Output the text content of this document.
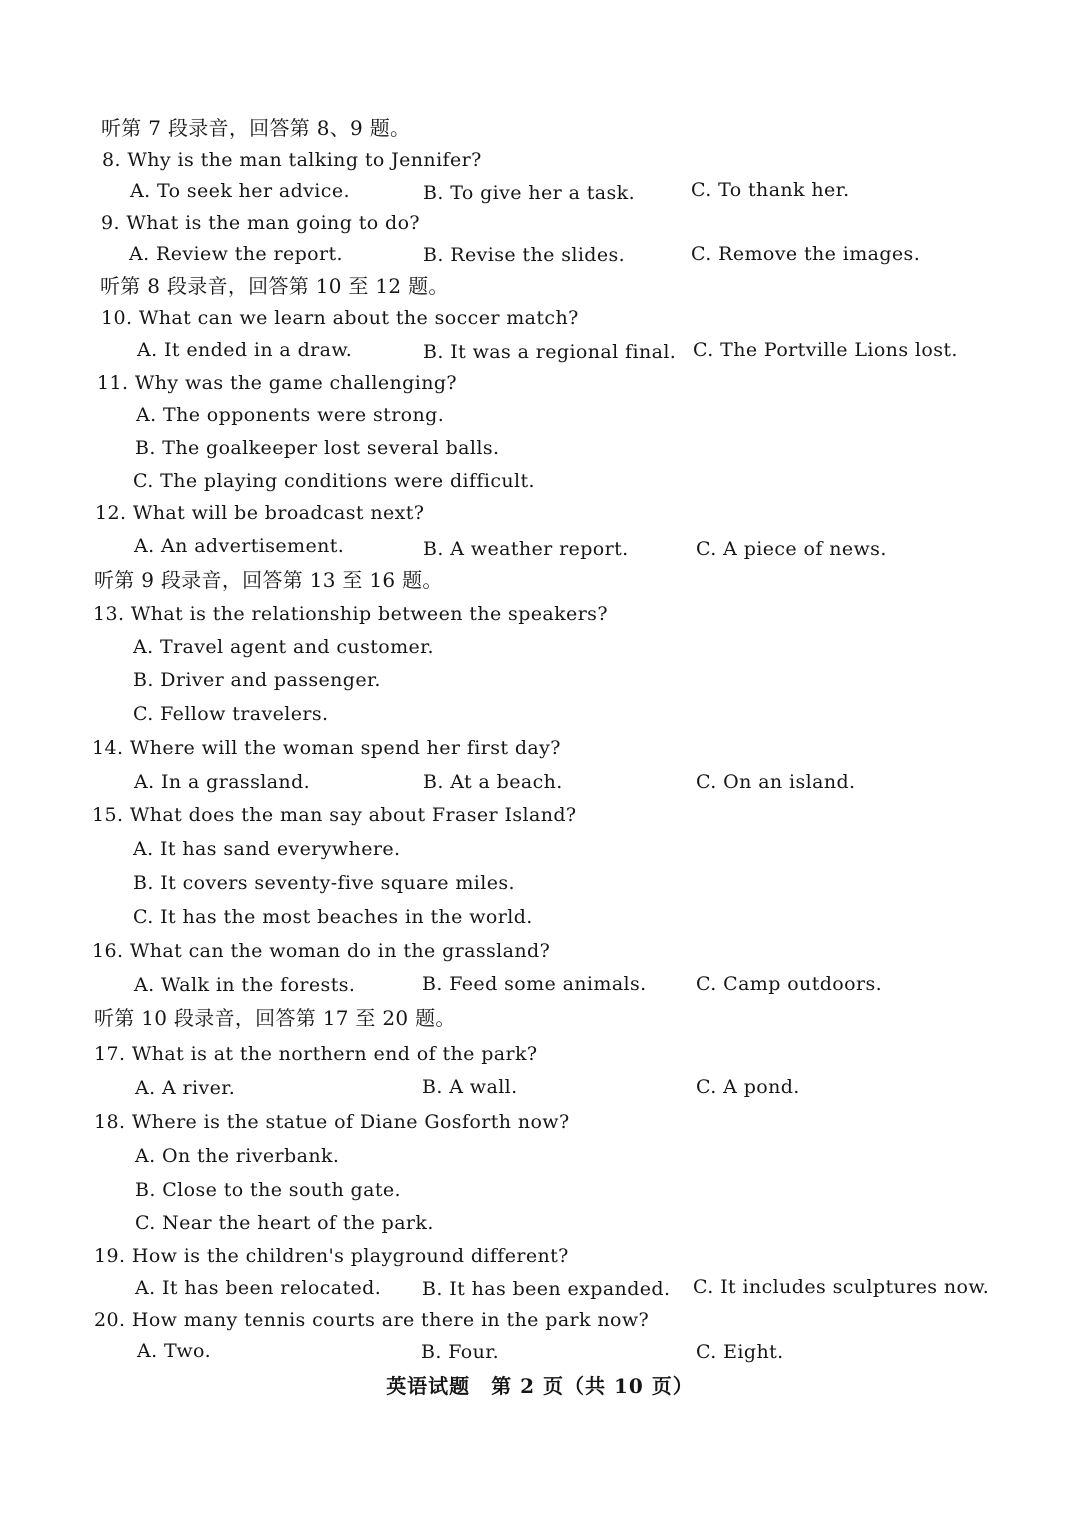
听第 7 段录音，回答第 8、9 题。
8. Why is the man talking to Jennifer?
A. To seek her advice.	B. To give her a task.	C. To thank her.
9. What is the man going to do?
A. Review the report.	B. Revise the slides.	C. Remove the images.
听第 8 段录音，回答第 10 至 12 题。
10. What can we learn about the soccer match?
A. It ended in a draw.	B. It was a regional final. C. The Portville Lions lost.
11. Why was the game challenging?
A. The opponents were strong.
B. The goalkeeper lost several balls.
C. The playing conditions were difficult.
12. What will be broadcast next?
A. An advertisement.	B. A weather report.	C. A piece of news.
听第 9 段录音，回答第 13 至 16 题。
13. What is the relationship between the speakers?
A. Travel agent and customer.
B. Driver and passenger.
C. Fellow travelers.
14. Where will the woman spend her first day?
A. In a grassland.	B. At a beach.	C. On an island.
15. What does the man say about Fraser Island?
A. It has sand everywhere.
B. It covers seventy-five square miles.
C. It has the most beaches in the world.
16. What can the woman do in the grassland?
A. Walk in the forests.	B. Feed some animals.	C. Camp outdoors.
听第 10 段录音，回答第 17 至 20 题。
17. What is at the northern end of the park?
A. A river.	B. A wall.	C. A pond.
18. Where is the statue of Diane Gosforth now?
A. On the riverbank.
B. Close to the south gate.
C. Near the heart of the park.
19. How is the children's playground different?
A. It has been relocated. B. It has been expanded. C. It includes sculptures now.
20. How many tennis courts are there in the park now?
A. Two.	B. Four.	C. Eight.
英语试题　第 2 页（共 10 页）
